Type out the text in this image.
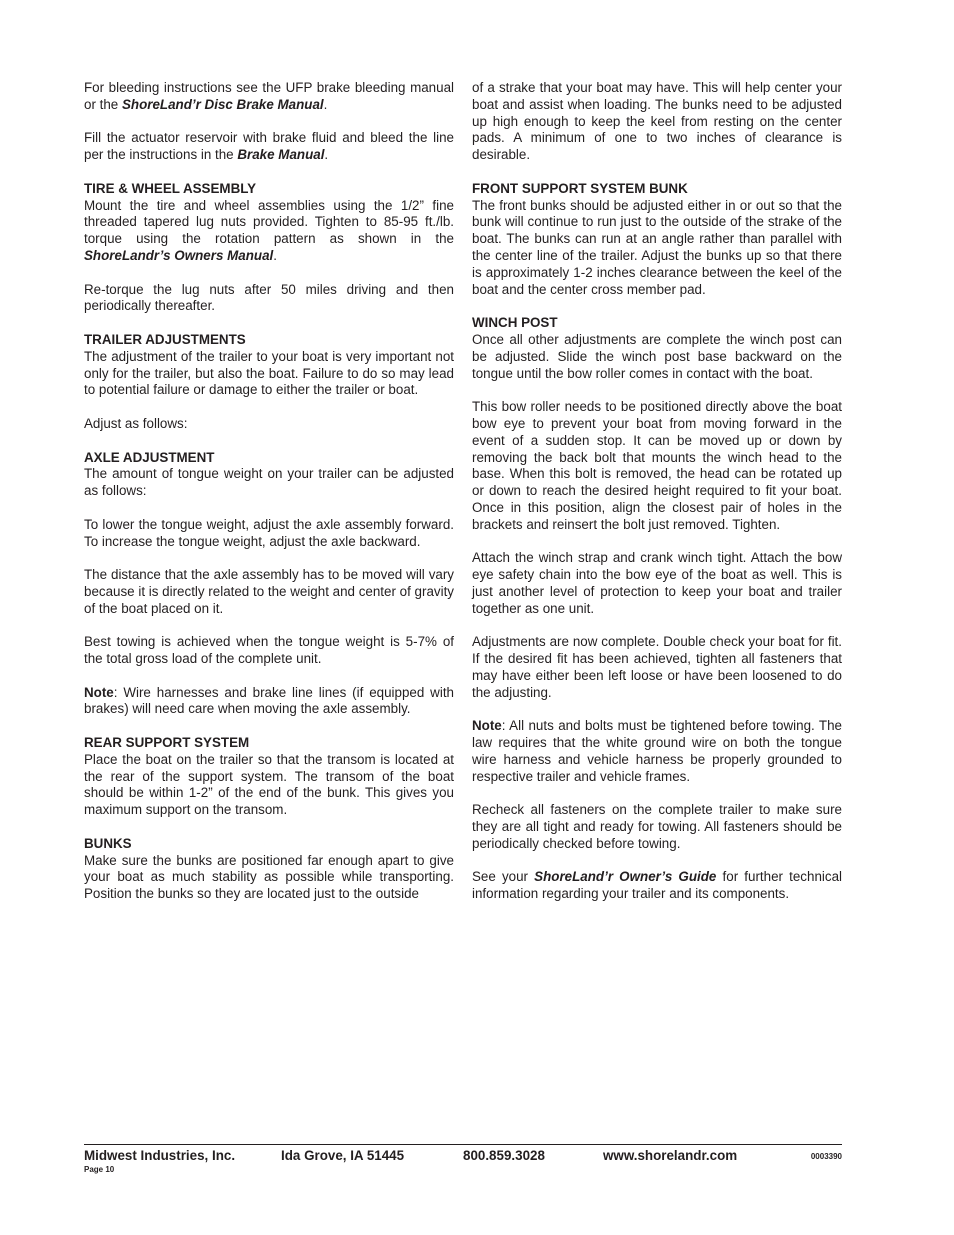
For bleeding instructions see the UFP brake bleeding manual or the ShoreLand’r Disc Brake Manual.

Fill the actuator reservoir with brake fluid and bleed the line per the instructions in the Brake Manual.

TIRE & WHEEL ASSEMBLY

Mount the tire and wheel assemblies using the 1/2” fine threaded tapered lug nuts provided. Tighten to 85-95 ft./lb. torque using the rotation pattern as shown in the ShoreLandr’s Owners Manual.

Re-torque the lug nuts after 50 miles driving and then periodically thereafter.

TRAILER ADJUSTMENTS

The adjustment of the trailer to your boat is very important not only for the trailer, but also the boat. Failure to do so may lead to potential failure or damage to either the trailer or boat.

Adjust as follows:

AXLE ADJUSTMENT

The amount of tongue weight on your trailer can be adjusted as follows:

To lower the tongue weight, adjust the axle assembly forward. To increase the tongue weight, adjust the axle backward.

The distance that the axle assembly has to be moved will vary because it is directly related to the weight and center of gravity of the boat placed on it.

Best towing is achieved when the tongue weight is 5-7% of the total gross load of the complete unit.

Note: Wire harnesses and brake line lines (if equipped with brakes) will need care when moving the axle assembly.

REAR SUPPORT SYSTEM

Place the boat on the trailer so that the transom is located at the rear of the support system. The transom of the boat should be within 1-2” of the end of the bunk. This gives you maximum support on the transom.

BUNKS

Make sure the bunks are positioned far enough apart to give your boat as much stability as possible while transporting. Position the bunks so they are located just to the outside

of a strake that your boat may have. This will help center your boat and assist when loading. The bunks need to be adjusted up high enough to keep the keel from resting on the center pads. A minimum of one to two inches of clearance is desirable.

FRONT SUPPORT SYSTEM BUNK

The front bunks should be adjusted either in or out so that the bunk will continue to run just to the outside of the strake of the boat. The bunks can run at an angle rather than parallel with the center line of the trailer. Adjust the bunks up so that there is approximately 1-2 inches clearance between the keel of the boat and the center cross member pad.

WINCH POST

Once all other adjustments are complete the winch post can be adjusted. Slide the winch post base backward on the tongue until the bow roller comes in contact with the boat.

This bow roller needs to be positioned directly above the boat bow eye to prevent your boat from moving forward in the event of a sudden stop. It can be moved up or down by removing the back bolt that mounts the winch head to the base. When this bolt is removed, the head can be rotated up or down to reach the desired height required to fit your boat. Once in this position, align the closest pair of holes in the brackets and reinsert the bolt just removed. Tighten.

Attach the winch strap and crank winch tight. Attach the bow eye safety chain into the bow eye of the boat as well. This is just another level of protection to keep your boat and trailer together as one unit.

Adjustments are now complete. Double check your boat for fit. If the desired fit has been achieved, tighten all fasteners that may have either been left loose or have been loosened to do the adjusting.

Note: All nuts and bolts must be tightened before towing. The law requires that the white ground wire on both the tongue wire harness and vehicle harness be properly grounded to respective trailer and vehicle frames.

Recheck all fasteners on the complete trailer to make sure they are all tight and ready for towing. All fasteners should be periodically checked before towing.

See your ShoreLand’r Owner’s Guide for further technical information regarding your trailer and its components.

Midwest Industries, Inc.	Ida Grove, IA 51445	800.859.3028	www.shorelandr.com	0003390
Page 10
